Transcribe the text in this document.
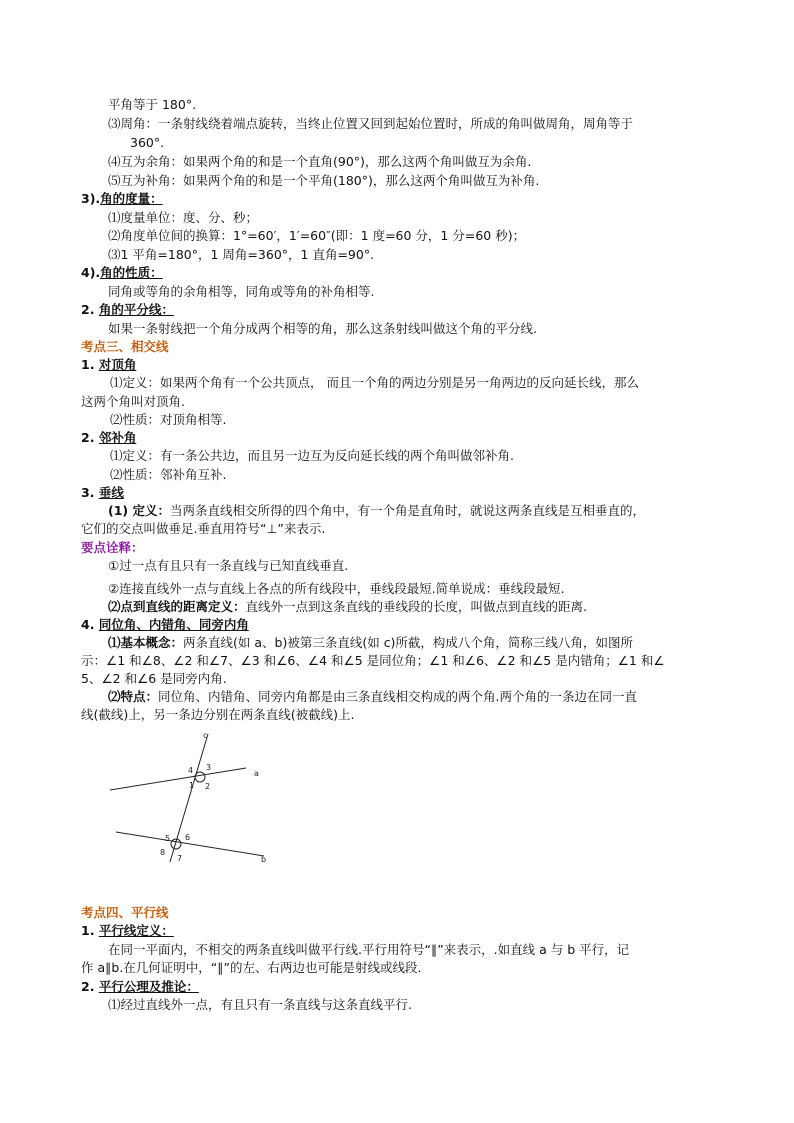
平角等于 180°.
⑶周角：一条射线绕着端点旋转，当终止位置又回到起始位置时，所成的角叫做周角，周角等于
360°.
⑷互为余角：如果两个角的和是一个直角(90°)，那么这两个角叫做互为余角.
⑸互为补角：如果两个角的和是一个平角(180°)，那么这两个角叫做互为补角.
3).角的度量：
⑴度量单位：度、分、秒；
⑵角度单位间的换算：1°=60′，1′=60″(即：1 度=60 分，1 分=60 秒)；
⑶1 平角=180°，1 周角=360°，1 直角=90°.
4).角的性质：
同角或等角的余角相等，同角或等角的补角相等.
2. 角的平分线：
如果一条射线把一个角分成两个相等的角，那么这条射线叫做这个角的平分线.
考点三、相交线
1. 对顶角
⑴定义：如果两个角有一个公共顶点， 而且一个角的两边分别是另一角两边的反向延长线，那么
这两个角叫对顶角.
⑵性质：对顶角相等.
2. 邻补角
⑴定义：有一条公共边，而且另一边互为反向延长线的两个角叫做邻补角.
⑵性质：邻补角互补.
3. 垂线
(1) 定义：当两条直线相交所得的四个角中，有一个角是直角时，就说这两条直线是互相垂直的，
它们的交点叫做垂足.垂直用符号“⊥”来表示.
要点诠释：
①过一点有且只有一条直线与已知直线垂直.
②连接直线外一点与直线上各点的所有线段中，垂线段最短.简单说成：垂线段最短.
⑵点到直线的距离定义：直线外一点到这条直线的垂线段的长度，叫做点到直线的距离.
4. 同位角、内错角、同旁内角
⑴基本概念：两条直线(如 a、b)被第三条直线(如 c)所截，构成八个角，简称三线八角，如图所
示：∠1 和∠8、∠2 和∠7、∠3 和∠6、∠4 和∠5 是同位角；∠1 和∠6、∠2 和∠5 是内错角；∠1 和∠
5、∠2 和∠6 是同旁内角.
⑵特点：同位角、内错角、同旁内角都是由三条直线相交构成的两个角.两个角的一条边在同一直
线(截线)上，另一条边分别在两条直线(被截线)上.
c
a
b
4 3
1 2
5 6
8
7
考点四、平行线
1. 平行线定义：
在同一平面内，不相交的两条直线叫做平行线.平行用符号“∥”来表示，.如直线 a 与 b 平行，记
作 a∥b.在几何证明中，“∥”的左、右两边也可能是射线或线段.
2. 平行公理及推论：
⑴经过直线外一点，有且只有一条直线与这条直线平行.
